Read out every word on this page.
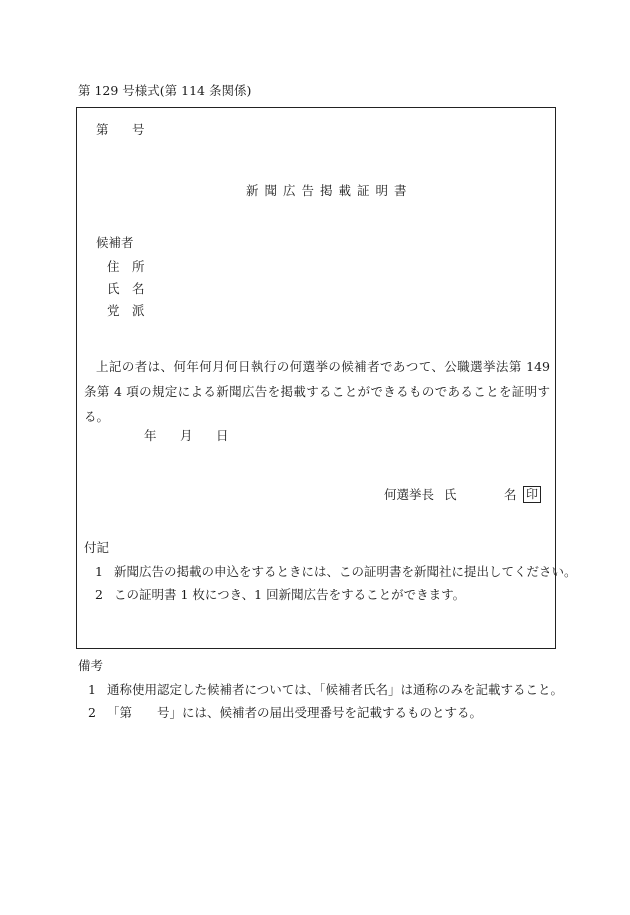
第 129 号様式(第 114 条関係)
第 号
新聞広告掲載証明書
候補者
住　所
氏　名
党　派
上記の者は、何年何月何日執行の何選挙の候補者であつて、公職選挙法第 149 条第 4 項の規定による新聞広告を掲載することができるものであることを証明する。
年 月 日
何選挙長 氏	名 印
付記
1 新聞広告の掲載の申込をするときには、この証明書を新聞社に提出してください。
2 この証明書 1 枚につき、1 回新聞広告をすることができます。
備考
1 通称使用認定した候補者については、「候補者氏名」は通称のみを記載すること。
2 「第　　号」には、候補者の届出受理番号を記載するものとする。
